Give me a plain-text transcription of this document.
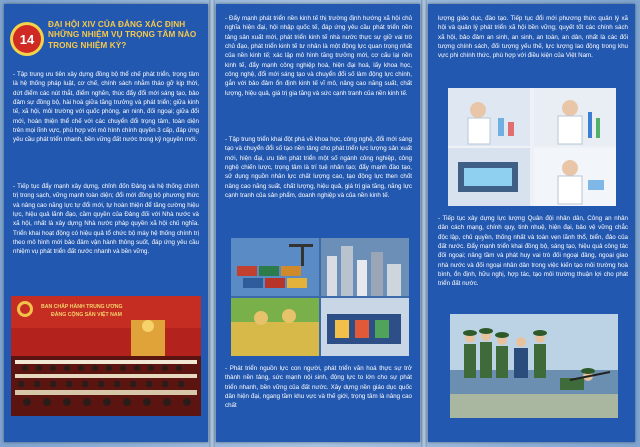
14
ĐẠI HỘI XIV CỦA ĐẢNG XÁC ĐỊNH NHỮNG NHIỆM VỤ TRỌNG TÂM NÀO TRONG NHIỆM KỲ?
- Tập trung ưu tiên xây dựng đồng bộ thể chế phát triển, trọng tâm là hệ thống pháp luật, cơ chế, chính sách nhằm tháo gỡ kịp thời, dứt điểm các nút thắt, điểm nghẽn, thúc đẩy đổi mới sáng tạo, bảo đảm sự đồng bộ, hài hoà giữa tăng trưởng và phát triển; giữa kinh tế, xã hội, môi trường với quốc phòng, an ninh, đối ngoại; giữa đổi mới, hoàn thiện thể chế với các chuyển đổi trọng tâm, toàn diện trên mọi lĩnh vực, phù hợp với mô hình chính quyền 3 cấp, đáp ứng yêu cầu phát triển nhanh, bền vững đất nước trong kỷ nguyên mới.
- Tiếp tục đẩy mạnh xây dựng, chỉnh đốn Đảng và hệ thống chính trị trong sạch, vững mạnh toàn diện; đổi mới đồng bộ phương thức và nâng cao năng lực tự đổi mới, tự hoàn thiện để tăng cường hiệu lực, hiệu quả lãnh đạo, cầm quyền của Đảng đối với Nhà nước và xã hội, nhất là xây dựng Nhà nước pháp quyền xã hội chủ nghĩa. Triển khai hoạt động có hiệu quả tổ chức bộ máy hệ thống chính trị theo mô hình mới bảo đảm vận hành thông suốt, đáp ứng yêu cầu nhiệm vụ phát triển đất nước nhanh và bền vững.
BAN CHẤP HÀNH TRUNG ƯƠNG
ĐẢNG CỘNG SẢN VIỆT NAM
- Đẩy mạnh phát triển nền kinh tế thị trường định hướng xã hội chủ nghĩa hiện đại, hội nhập quốc tế, đáp ứng yêu cầu phát triển nền tảng sản xuất mới, phát triển kinh tế nhà nước thực sự giữ vai trò chủ đạo, phát triển kinh tế tư nhân là một động lực quan trọng nhất của nền kinh tế; xác lập mô hình tăng trưởng mới, cơ cấu lại nền kinh tế, đẩy mạnh công nghiệp hoá, hiện đại hoá, lấy khoa học, công nghệ, đổi mới sáng tạo và chuyển đổi số làm động lực chính, gắn với bảo đảm ổn định kinh tế vĩ mô, nâng cao năng suất, chất lượng, hiệu quả, giá trị gia tăng và sức cạnh tranh của nền kinh tế.
- Tập trung triển khai đột phá về khoa học, công nghệ, đổi mới sáng tạo và chuyển đổi số tạo nền tảng cho phát triển lực lượng sản xuất mới, hiện đại, ưu tiên phát triển một số ngành công nghiệp, công nghệ chiến lược, trọng tâm là trí tuệ nhân tạo; đẩy mạnh đào tạo, sử dụng nguồn nhân lực chất lượng cao, tạo động lực then chốt nâng cao năng suất, chất lượng, hiệu quả, giá trị gia tăng, năng lực cạnh tranh của sản phẩm, doanh nghiệp và của nền kinh tế.
- Phát triển nguồn lực con người, phát triển văn hoá thực sự trở thành nền tảng, sức mạnh nội sinh, động lực to lớn cho sự phát triển nhanh, bền vững của đất nước. Xây dựng nền giáo dục quốc dân hiện đại, ngang tầm khu vực và thế giới, trọng tâm là nâng cao chất
lượng giáo dục, đào tạo. Tiếp tục đổi mới phương thức quản lý xã hội và quản lý phát triển xã hội bền vững; quyết tốt các chính sách xã hội, bảo đảm an sinh, an sinh, an toàn, an dân, nhất là các đối tượng chính sách, đối tượng yếu thế, lực lượng lao động trong khu vực phi chính thức, phù hợp với điều kiện của Việt Nam.
- Tiếp tục xây dựng lực lượng Quân đội nhân dân, Công an nhân dân cách mạng, chính quy, tinh nhuệ, hiện đại, bảo vệ vững chắc độc lập, chủ quyền, thống nhất và toàn vẹn lãnh thổ, biển, đảo của đất nước. Đẩy mạnh triển khai đồng bộ, sáng tạo, hiệu quả công tác đối ngoại; nâng tầm và phát huy vai trò đối ngoại đảng, ngoại giao nhà nước và đối ngoại nhân dân trong việc kiến tạo môi trường hoà bình, ổn định, hữu nghị, hợp tác, tạo môi trường thuận lợi cho phát triển đất nước.
